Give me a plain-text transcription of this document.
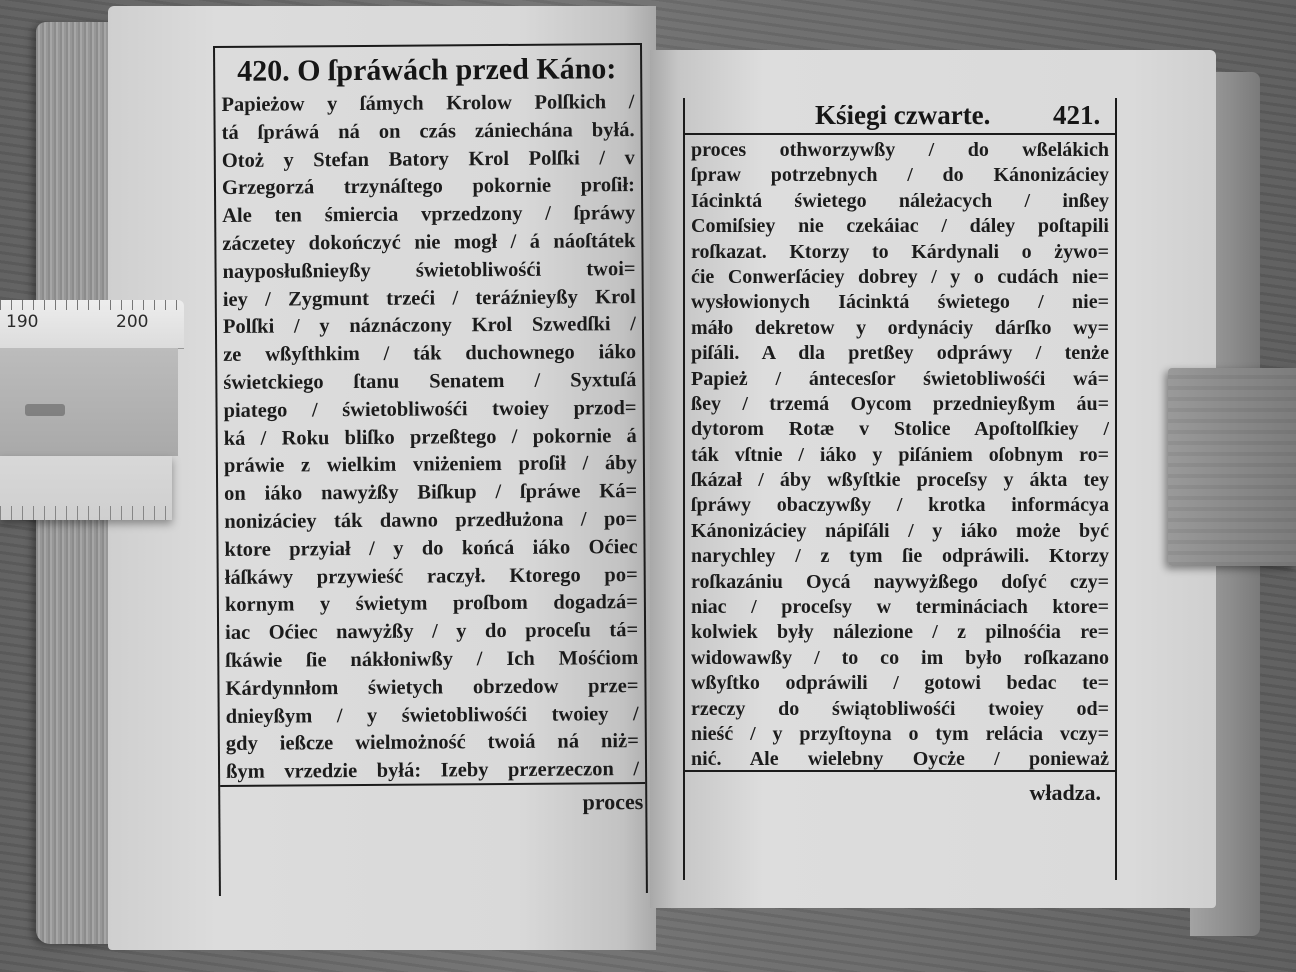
420. O ſpráwách przed Káno:
Papieżow y ſámych Krolow Polſkich /
tá ſpráwá ná on czás zániechána byłá.
Otoż y Stefan Batory Krol Polſki / v
Grzegorzá trzynáſtego pokornie proſił:
Ale ten śmiercia vprzedzony / ſpráwy
záczetey dokończyć nie mogł / á náoſtátek
nayposłußnieyßy świetobliwośći twoi=
iey / Zygmunt trzeći / teráźnieyßy Krol
Polſki / y náznáczony Krol Szwedſki /
ze wßyſthkim / ták duchownego iáko
świetckiego ſtanu Senatem / Syxtuſá
piatego / świetobliwośći twoiey przod=
ká / Roku bliſko przeßtego / pokornie á
práwie z wielkim vniżeniem proſił / áby
on iáko nawyżßy Biſkup / ſpráwe Ká=
nonizáciey ták dawno przedłużona / po=
ktore przyiał / y do końcá iáko Oćiec
łáſkáwy przywieść raczył. Ktorego po=
kornym y świetym proſbom dogadzá=
iac Oćiec nawyżßy / y do proceſu tá=
ſkáwie ſie nákłoniwßy / Ich Mośćiom
Kárdynnłom świetych obrzedow prze=
dnieyßym / y świetobliwośći twoiey /
gdy ießcze wielmożność twoiá ná niż=
ßym vrzedzie byłá: Izeby przerzeczon /
proces
Kśiegi czwarte. 421.
proces othworzywßy / do wßelákich
ſpraw potrzebnych / do Kánonizáciey
Iácinktá świetego náleżacych / inßey
Comiſsiey nie czekáiac / dáley poſtapili
roſkazat. Ktorzy to Kárdynali o żywo=
ćie Conwerſáciey dobrey / y o cudách nie=
wysłowionych Iácinktá świetego / nie=
máło dekretow y ordynáciy dárſko wy=
piſáli. A dla pretßey odpráwy / tenże
Papież / ántecesſor świetobliwośći wá=
ßey / trzemá Oycom przednieyßym áu=
dytorom Rotæ v Stolice Apoſtolſkiey /
ták vſtnie / iáko y piſániem oſobnym ro=
ſkázał / áby wßyſtkie proceſsy y ákta tey
ſpráwy obaczywßy / krotka informácya
Kánonizáciey nápiſáli / y iáko może być
narychley / z tym ſie odpráwili. Ktorzy
roſkazániu Oycá naywyżßego doſyć czy=
niac / proceſsy w termináciach ktore=
kolwiek były nálezione / z pilnośćia re=
widowawßy / to co im było roſkazano
wßyſtko odpráwili / gotowi bedac te=
rzeczy do świątobliwośći twoiey od=
nieść / y przyſtoyna o tym relácia vczy=
nić. Ale wielebny Oycże / ponieważ
władza.
190	200
